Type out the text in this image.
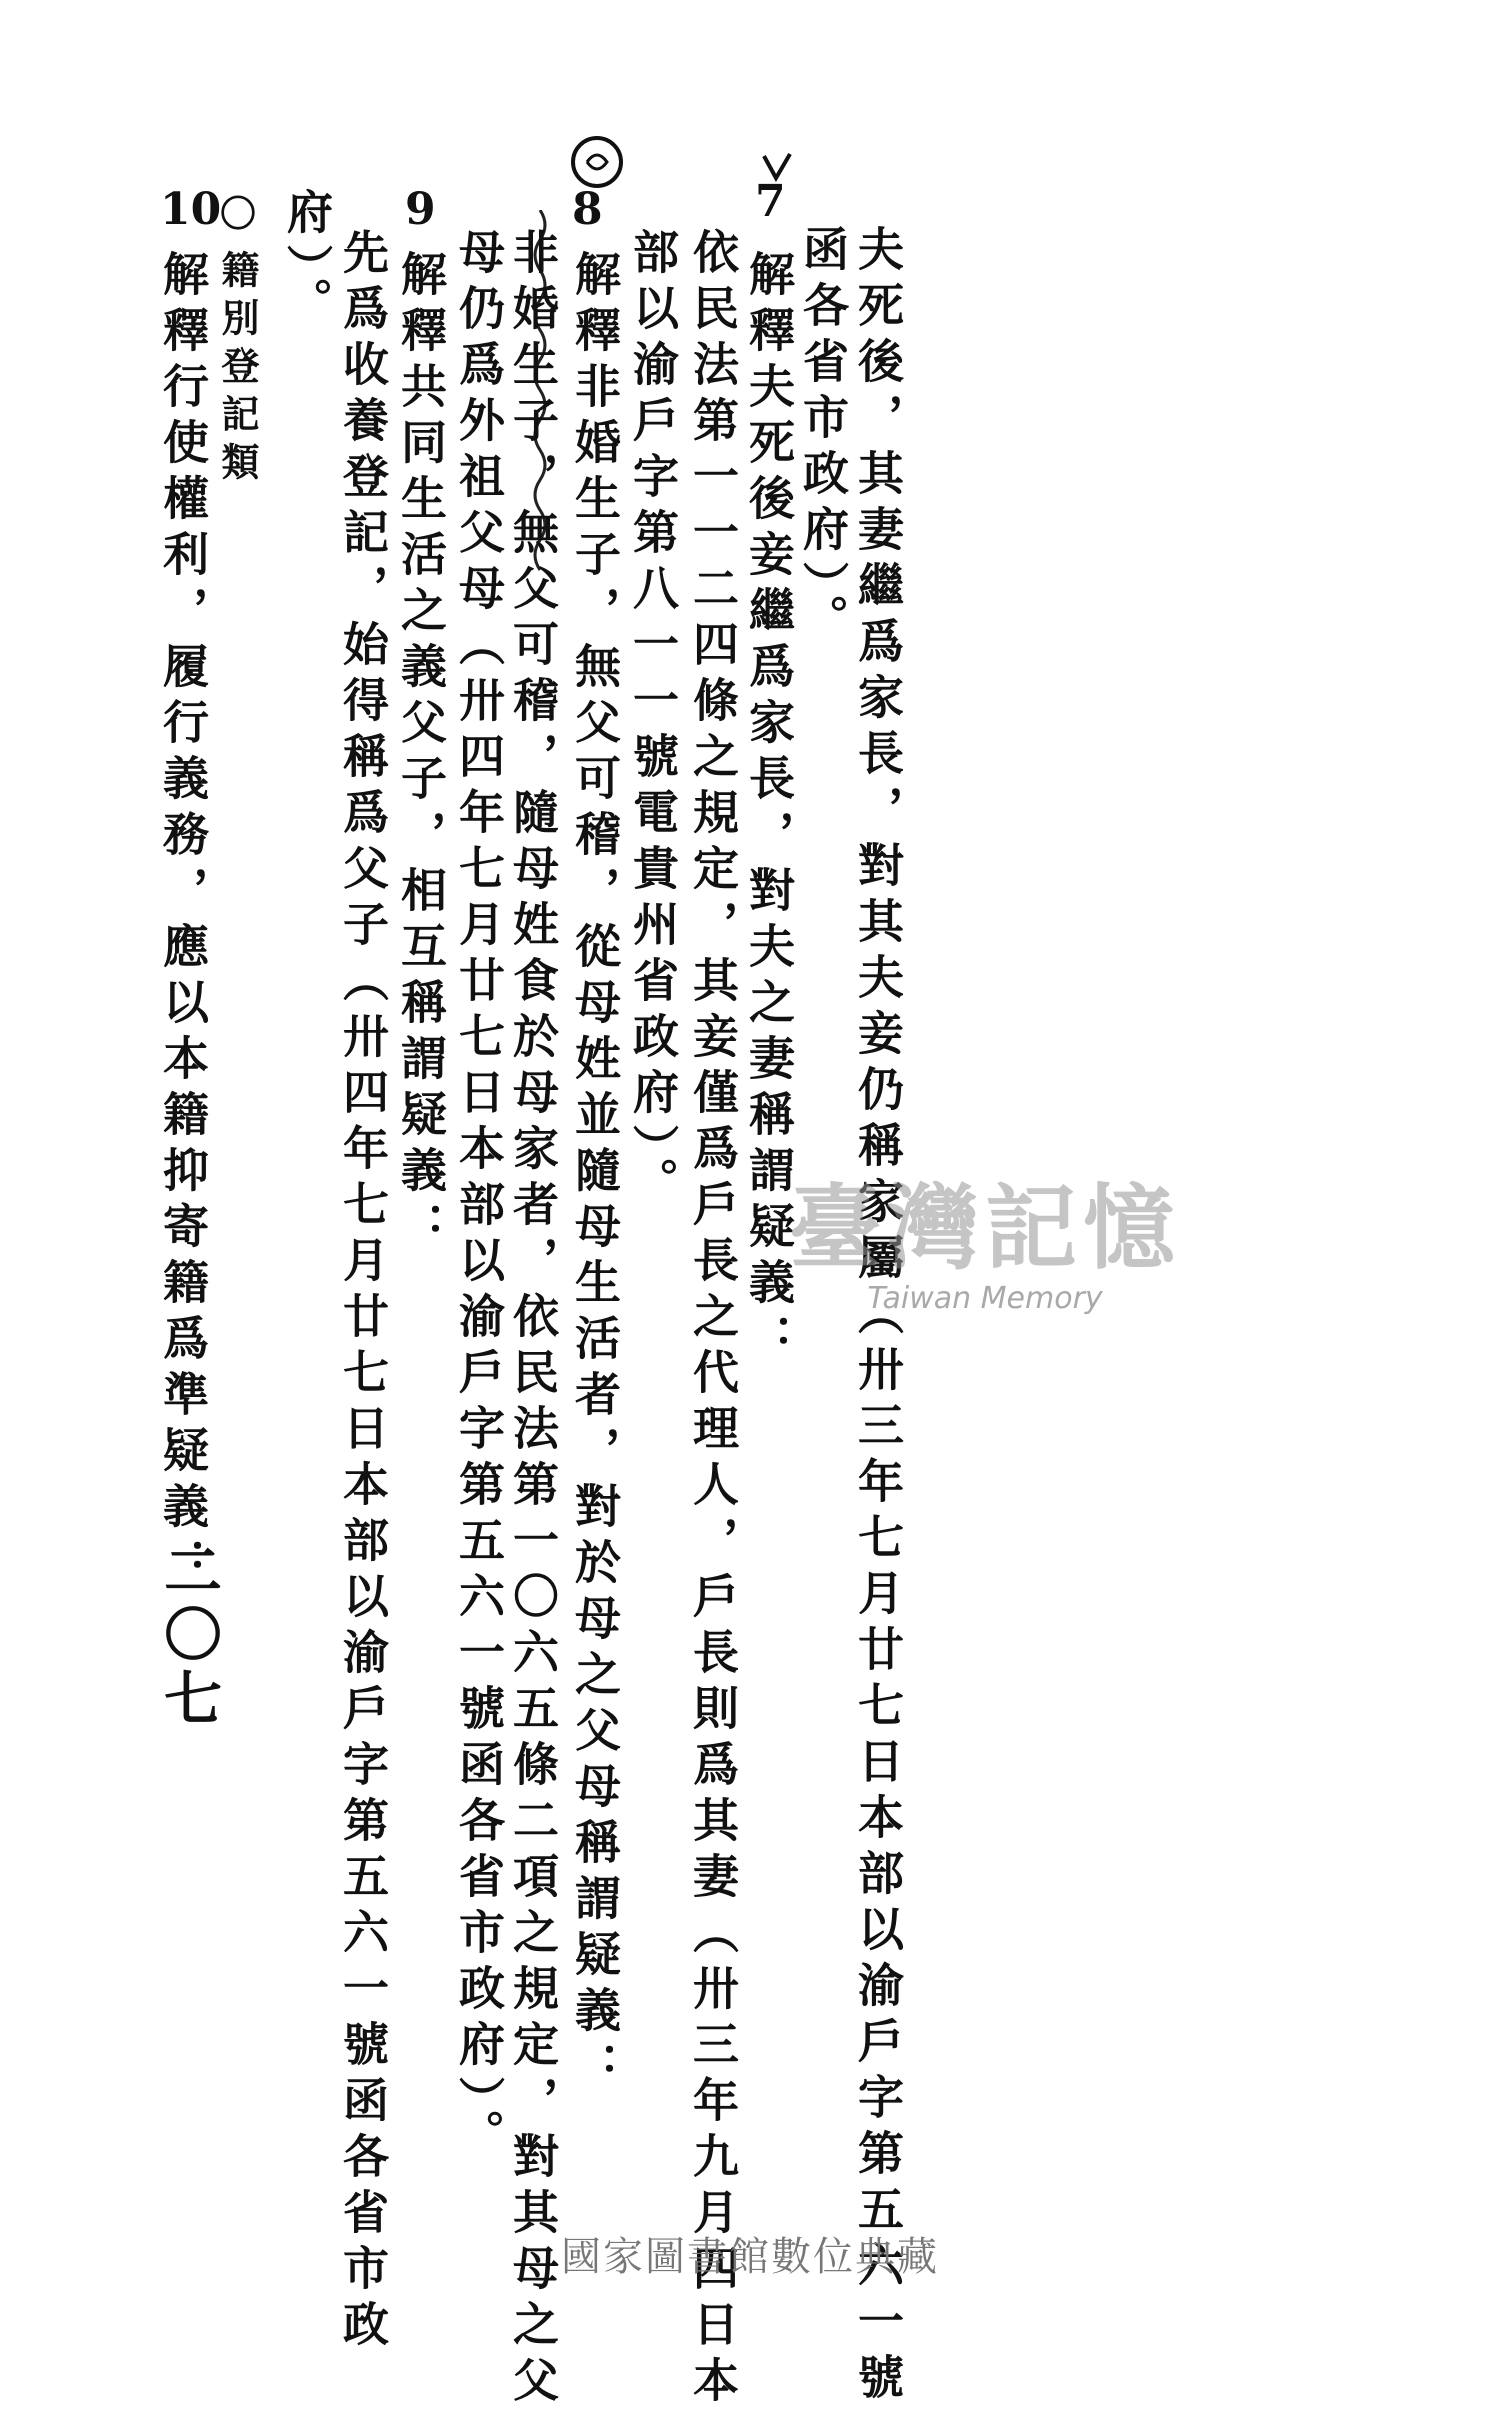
7
8
9
10
〇
夫死後，其妻繼爲家長，對其夫妾仍稱家屬（卅三年七月廿七日本部以渝戶字第五六一號
函各省市政府）。
解釋夫死後妾繼爲家長，對夫之妻稱謂疑義：
依民法第一一二四條之規定，其妾僅爲戶長之代理人，戶長則爲其妻（卅三年九月四日本
部以渝戶字第八一一號電貴州省政府）。
解釋非婚生子，無父可稽，從母姓並隨母生活者，對於母之父母稱謂疑義：
非婚生子，無父可稽，隨母姓食於母家者，依民法第一〇六五條二項之規定，對其母之父
母仍爲外祖父母（卅四年七月廿七日本部以渝戶字第五六一號函各省市政府）。
解釋共同生活之義父子，相互稱謂疑義：
先爲收養登記，始得稱爲父子（卅四年七月廿七日本部以渝戶字第五六一號函各省市政
府）。
籍別登記類
解釋行使權利，履行義務，應以本籍抑寄籍爲準疑義：
二〇七
臺灣記憶
Taiwan Memory
國家圖書館數位典藏
